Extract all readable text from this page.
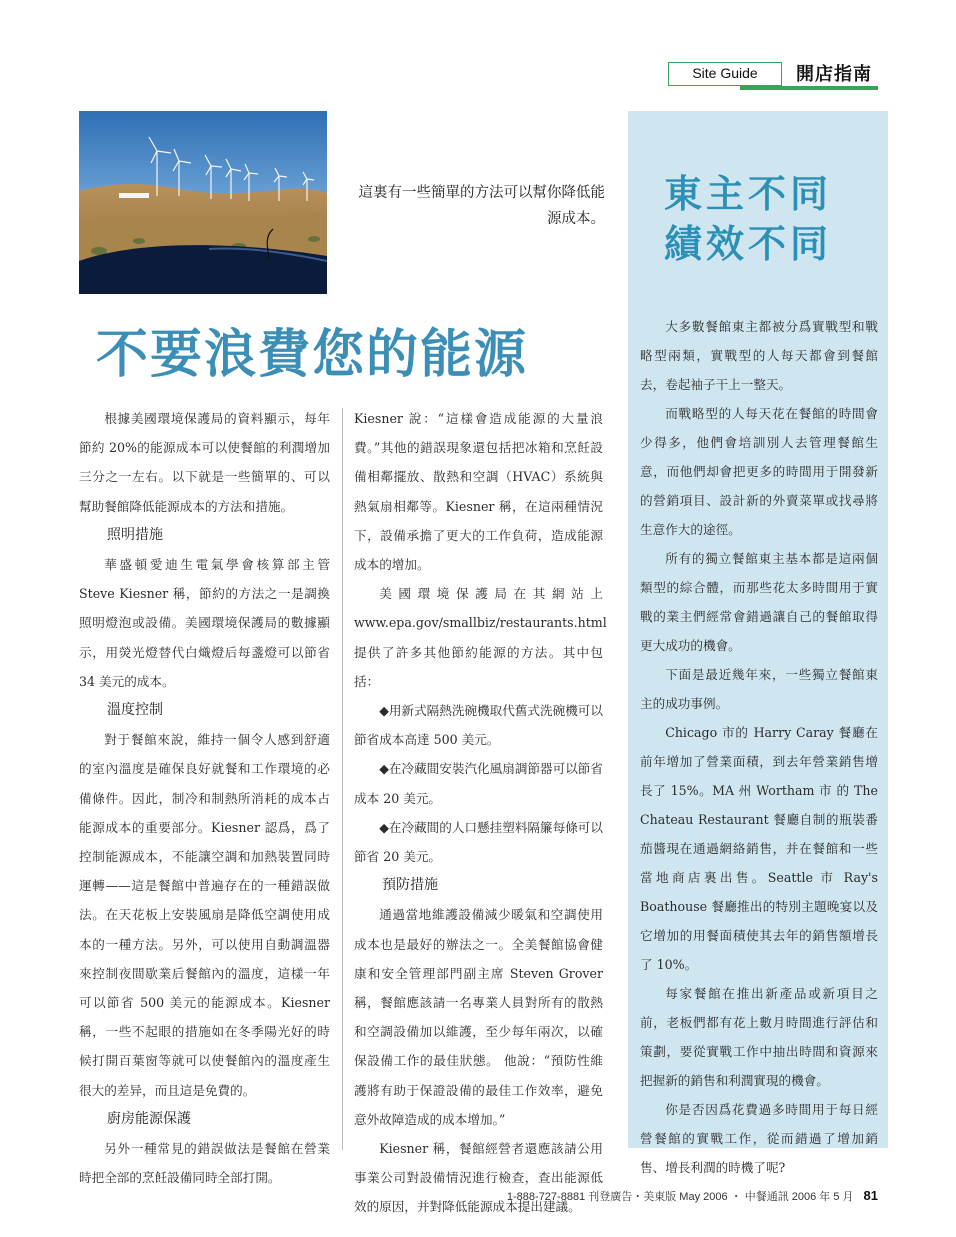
Site Guide	開店指南
這裏有一些簡單的方法可以幫你降低能源成本。
不要浪費您的能源

根據美國環境保護局的資料顯示，每年節約 20%的能源成本可以使餐館的利潤增加三分之一左右。以下就是一些簡單的、可以幫助餐館降低能源成本的方法和措施。

照明措施

華盛頓愛迪生電氣學會核算部主管 Steve Kiesner 稱，節約的方法之一是調換照明燈泡或設備。美國環境保護局的數據顯示，用熒光燈替代白熾燈后每盞燈可以節省 34 美元的成本。

溫度控制

對于餐館來說，維持一個令人感到舒適的室內溫度是確保良好就餐和工作環境的必備條件。因此，制冷和制熱所消耗的成本占能源成本的重要部分。Kiesner 認爲，爲了控制能源成本，不能讓空調和加熱裝置同時運轉——這是餐館中普遍存在的一種錯誤做法。在天花板上安裝風扇是降低空調使用成本的一種方法。另外，可以使用自動調溫器來控制夜間歇業后餐館內的溫度，這樣一年可以節省 500 美元的能源成本。Kiesner 稱，一些不起眼的措施如在冬季陽光好的時候打開百葉窗等就可以使餐館內的溫度產生很大的差异，而且這是免費的。

廚房能源保護

另外一種常見的錯誤做法是餐館在營業時把全部的烹飪設備同時全部打開。

Kiesner 說：“這樣會造成能源的大量浪費。”其他的錯誤現象還包括把冰箱和烹飪設備相鄰擺放、散熱和空調（HVAC）系統與熱氣扇相鄰等。Kiesner 稱，在這兩種情況下，設備承擔了更大的工作負荷，造成能源成本的增加。

美國環境保護局在其網站上 www.epa.gov/smallbiz/restaurants.html 提供了許多其他節約能源的方法。其中包括：

◆用新式隔熱洗碗機取代舊式洗碗機可以節省成本高達 500 美元。

◆在冷藏間安裝汽化風扇調節器可以節省成本 20 美元。

◆在冷藏間的人口懸挂塑料隔簾每條可以節省 20 美元。

預防措施

通過當地維護設備減少暖氣和空調使用成本也是最好的辦法之一。全美餐館協會健康和安全管理部門副主席 Steven Grover 稱，餐館應該請一名專業人員對所有的散熱和空調設備加以維護，至少每年兩次，以確保設備工作的最佳狀態。 他說：“預防性維護將有助于保證設備的最佳工作效率，避免意外故障造成的成本增加。”

Kiesner 稱，餐館經營者還應該請公用事業公司對設備情況進行檢查，查出能源低效的原因，并對降低能源成本提出建議。

東主不同
績效不同

大多數餐館東主都被分爲實戰型和戰略型兩類，實戰型的人每天都會到餐館去，卷起袖子干上一整天。

而戰略型的人每天花在餐館的時間會少得多，他們會培訓別人去管理餐館生意，而他們却會把更多的時間用于開發新的營銷項目、設計新的外賣菜單或找尋將生意作大的途徑。

所有的獨立餐館東主基本都是這兩個類型的綜合體，而那些花太多時間用于實戰的業主們經常會錯過讓自己的餐館取得更大成功的機會。

下面是最近幾年來，一些獨立餐館東主的成功事例。

Chicago 市的 Harry Caray 餐廳在前年增加了營業面積，到去年營業銷售增長了 15%。MA 州 Wortham 市 的 The Chateau Restaurant 餐廳自制的瓶裝番茄醬現在通過網絡銷售，并在餐館和一些當地商店裏出售。Seattle 市 Ray's Boathouse 餐廳推出的特別主題晚宴以及它增加的用餐面積使其去年的銷售額增長了 10%。

每家餐館在推出新產品或新項目之前，老板們都有花上數月時間進行評估和策劃，要從實戰工作中抽出時間和資源來把握新的銷售和利潤實現的機會。

你是否因爲花費過多時間用于每日經營餐館的實戰工作，從而錯過了增加銷售、增長利潤的時機了呢?

1-888-727-8881 刊登廣告・美東版 May 2006 ・ 中餐通訊 2006 年 5 月 81
